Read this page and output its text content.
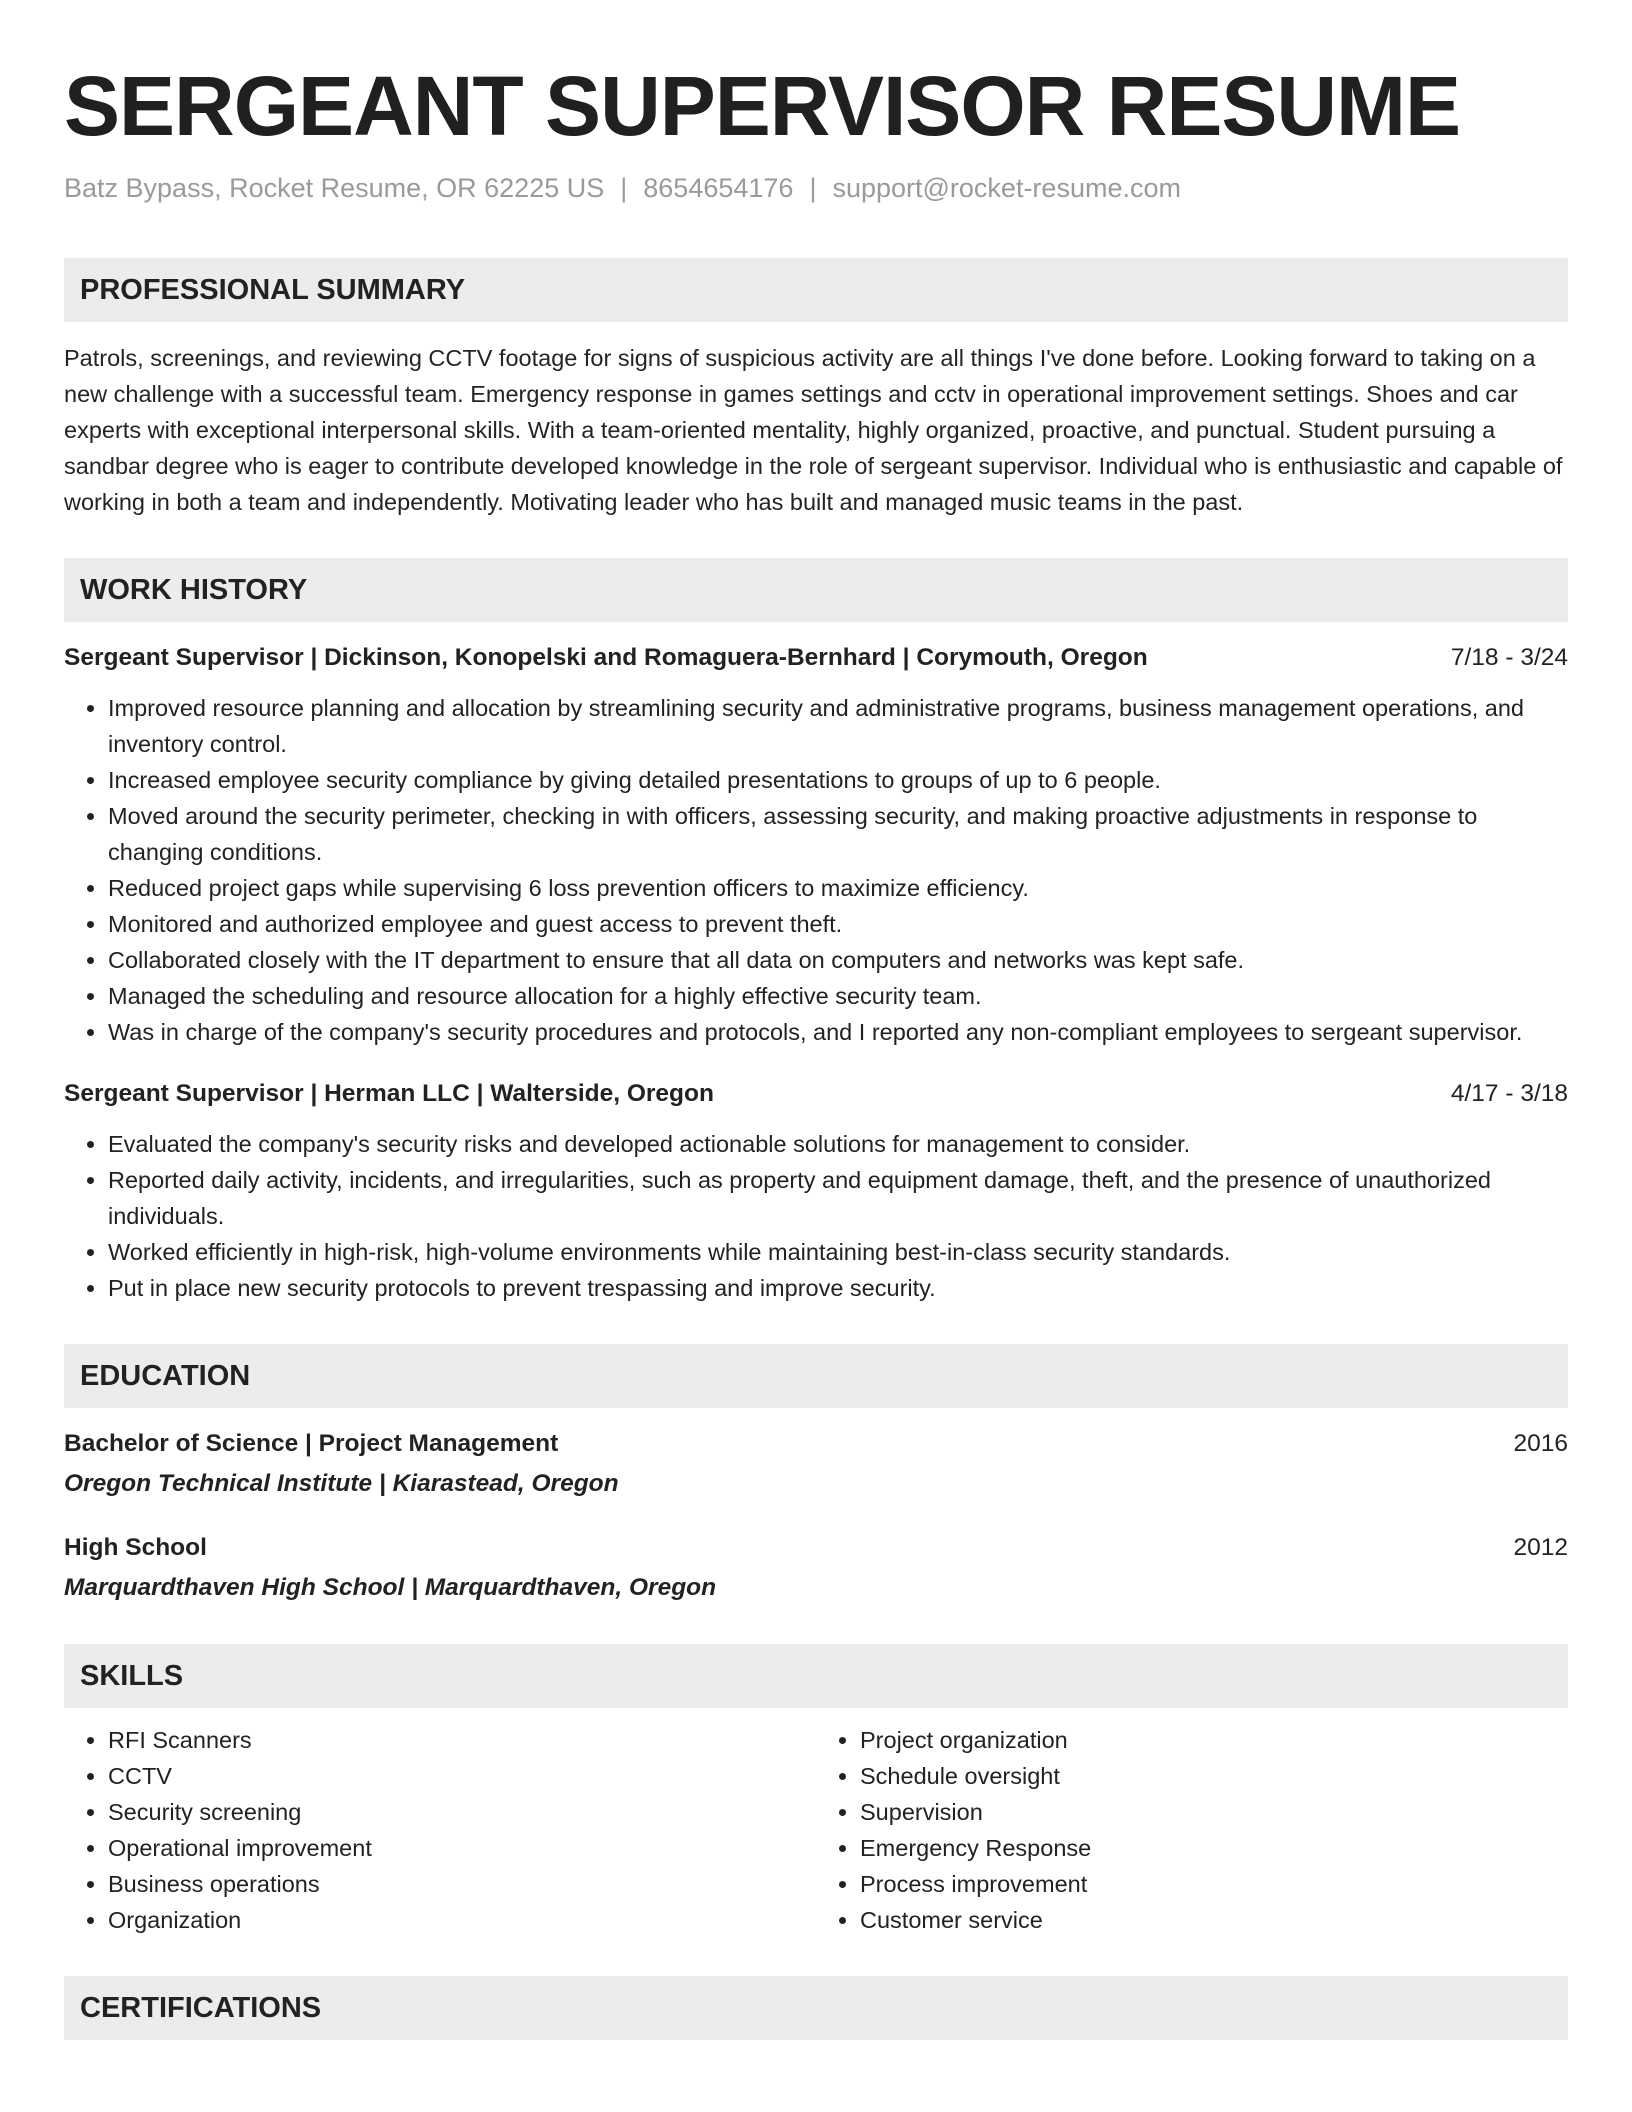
SERGEANT SUPERVISOR RESUME
Batz Bypass, Rocket Resume, OR 62225 US | 8654654176 | support@rocket-resume.com
PROFESSIONAL SUMMARY

Patrols, screenings, and reviewing CCTV footage for signs of suspicious activity are all things I've done before. Looking forward to taking on a new challenge with a successful team. Emergency response in games settings and cctv in operational improvement settings. Shoes and car experts with exceptional interpersonal skills. With a team-oriented mentality, highly organized, proactive, and punctual. Student pursuing a sandbar degree who is eager to contribute developed knowledge in the role of sergeant supervisor. Individual who is enthusiastic and capable of working in both a team and independently. Motivating leader who has built and managed music teams in the past.

WORK HISTORY
Sergeant Supervisor | Dickinson, Konopelski and Romaguera-Bernhard | Corymouth, Oregon	7/18 - 3/24
• Improved resource planning and allocation by streamlining security and administrative programs, business management operations, and inventory control.
• Increased employee security compliance by giving detailed presentations to groups of up to 6 people.
• Moved around the security perimeter, checking in with officers, assessing security, and making proactive adjustments in response to changing conditions.
• Reduced project gaps while supervising 6 loss prevention officers to maximize efficiency.
• Monitored and authorized employee and guest access to prevent theft.
• Collaborated closely with the IT department to ensure that all data on computers and networks was kept safe.
• Managed the scheduling and resource allocation for a highly effective security team.
• Was in charge of the company's security procedures and protocols, and I reported any non-compliant employees to sergeant supervisor.
Sergeant Supervisor | Herman LLC | Walterside, Oregon	4/17 - 3/18
• Evaluated the company's security risks and developed actionable solutions for management to consider.
• Reported daily activity, incidents, and irregularities, such as property and equipment damage, theft, and the presence of unauthorized individuals.
• Worked efficiently in high-risk, high-volume environments while maintaining best-in-class security standards.
• Put in place new security protocols to prevent trespassing and improve security.
EDUCATION
Bachelor of Science | Project Management	2016
Oregon Technical Institute | Kiarastead, Oregon
High School	2012
Marquardthaven High School | Marquardthaven, Oregon
SKILLS
• RFI Scanners
• CCTV
• Security screening
• Operational improvement
• Business operations
• Organization
• Project organization
• Schedule oversight
• Supervision
• Emergency Response
• Process improvement
• Customer service
CERTIFICATIONS
